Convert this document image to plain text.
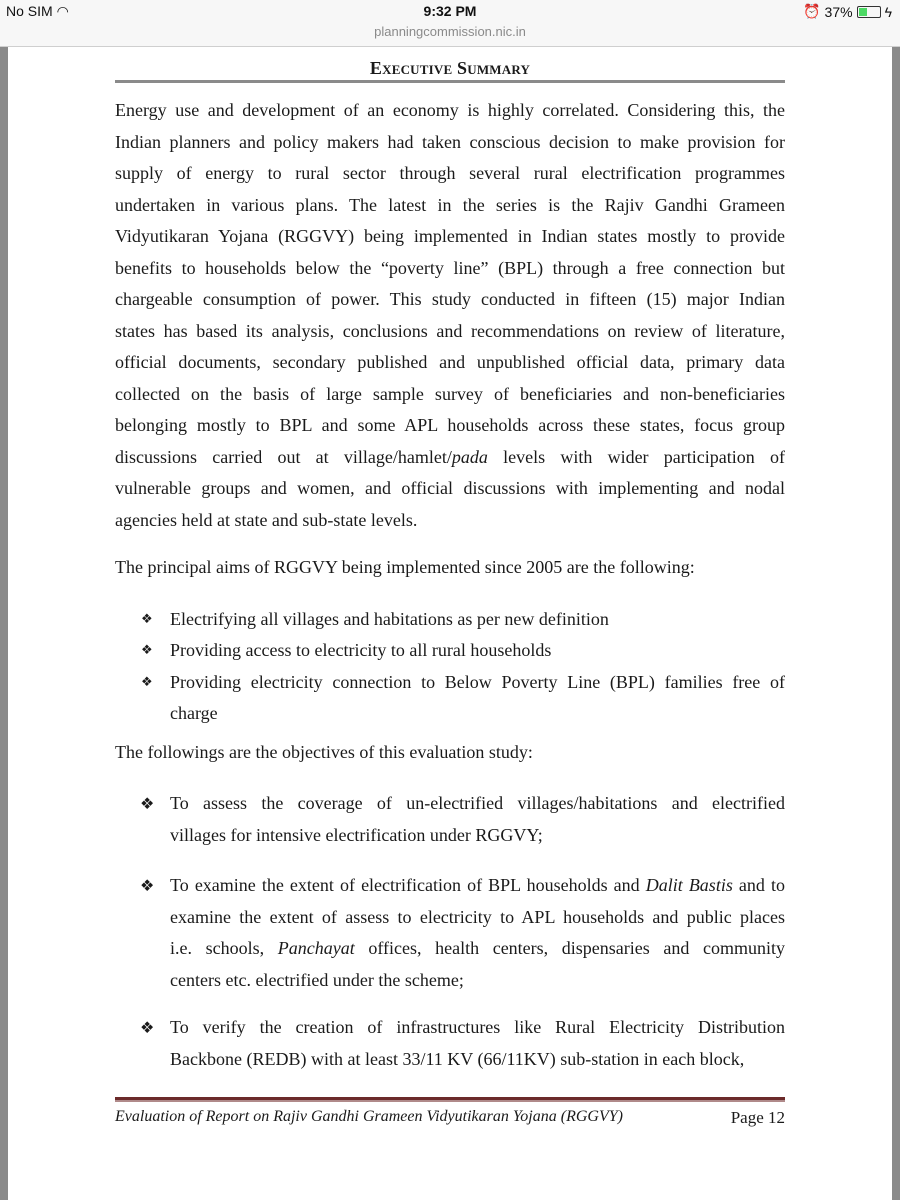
No SIM ◠	9:32 PM	⏰ 37% ϟ
planningcommission.nic.in
Executive Summary
Energy use and development of an economy is highly correlated. Considering this, the
Indian planners and policy makers had taken conscious decision to make provision for
supply of energy to rural sector through several rural electrification programmes
undertaken in various plans. The latest in the series is the Rajiv Gandhi Grameen
Vidyutikaran Yojana (RGGVY) being implemented in Indian states mostly to provide
benefits to households below the “poverty line” (BPL) through a free connection but
chargeable consumption of power. This study conducted in fifteen (15) major Indian
states has based its analysis, conclusions and recommendations on review of literature,
official documents, secondary published and unpublished official data, primary data
collected on the basis of large sample survey of beneficiaries and non-beneficiaries
belonging mostly to BPL and some APL households across these states, focus group
discussions carried out at village/hamlet/pada levels with wider participation of
vulnerable groups and women, and official discussions with implementing and nodal
agencies held at state and sub-state levels.
The principal aims of RGGVY being implemented since 2005 are the following:
❖ Electrifying all villages and habitations as per new definition
❖ Providing access to electricity to all rural households
❖ Providing electricity connection to Below Poverty Line (BPL) families free of
charge
The followings are the objectives of this evaluation study:
❖ To assess the coverage of un-electrified villages/habitations and electrified
villages for intensive electrification under RGGVY;
❖ To examine the extent of electrification of BPL households and Dalit Bastis and to
examine the extent of assess to electricity to APL households and public places
i.e. schools, Panchayat offices, health centers, dispensaries and community
centers etc. electrified under the scheme;
❖ To verify the creation of infrastructures like Rural Electricity Distribution
Backbone (REDB) with at least 33/11 KV (66/11KV) sub-station in each block,
Evaluation of Report on Rajiv Gandhi Grameen Vidyutikaran Yojana (RGGVY)	Page 12
